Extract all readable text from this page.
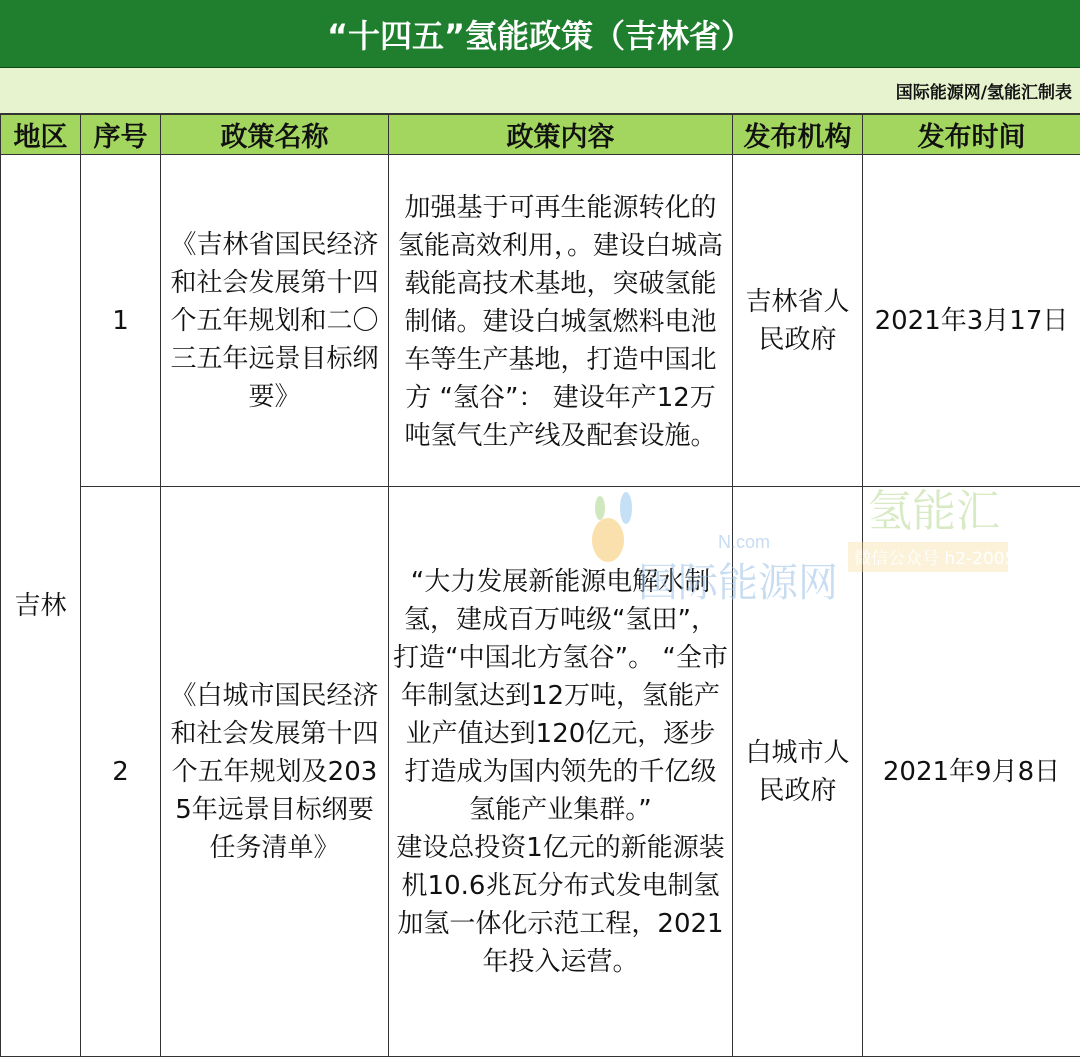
“十四五”氢能政策（吉林省）
国际能源网/氢能汇制表
地区	序号	政策名称	政策内容	发布机构	发布时间
吉林	1	《吉林省国民经济和社会发展第十四个五年规划和二〇三五年远景目标纲要》	加强基于可再生能源转化的氢能高效利用，。建设白城高载能高技术基地，突破氢能制储。建设白城氢燃料电池车等生产基地，打造中国北方 “氢谷”： 建设年产12万吨氢气生产线及配套设施。	吉林省人民政府	2021年3月17日
	2	《白城市国民经济和社会发展第十四个五年规划及2035年远景目标纲要任务清单》	“大力发展新能源电解水制氢，建成百万吨级“氢田”，打造“中国北方氢谷”。 “全市年制氢达到12万吨，氢能产业产值达到120亿元，逐步打造成为国内领先的千亿级氢能产业集群。”
建设总投资1亿元的新能源装机10.6兆瓦分布式发电制氢加氢一体化示范工程，2021年投入运营。	白城市人民政府	2021年9月8日
N.com
国际能源网
氢能汇
微信公众号 h2-2005
